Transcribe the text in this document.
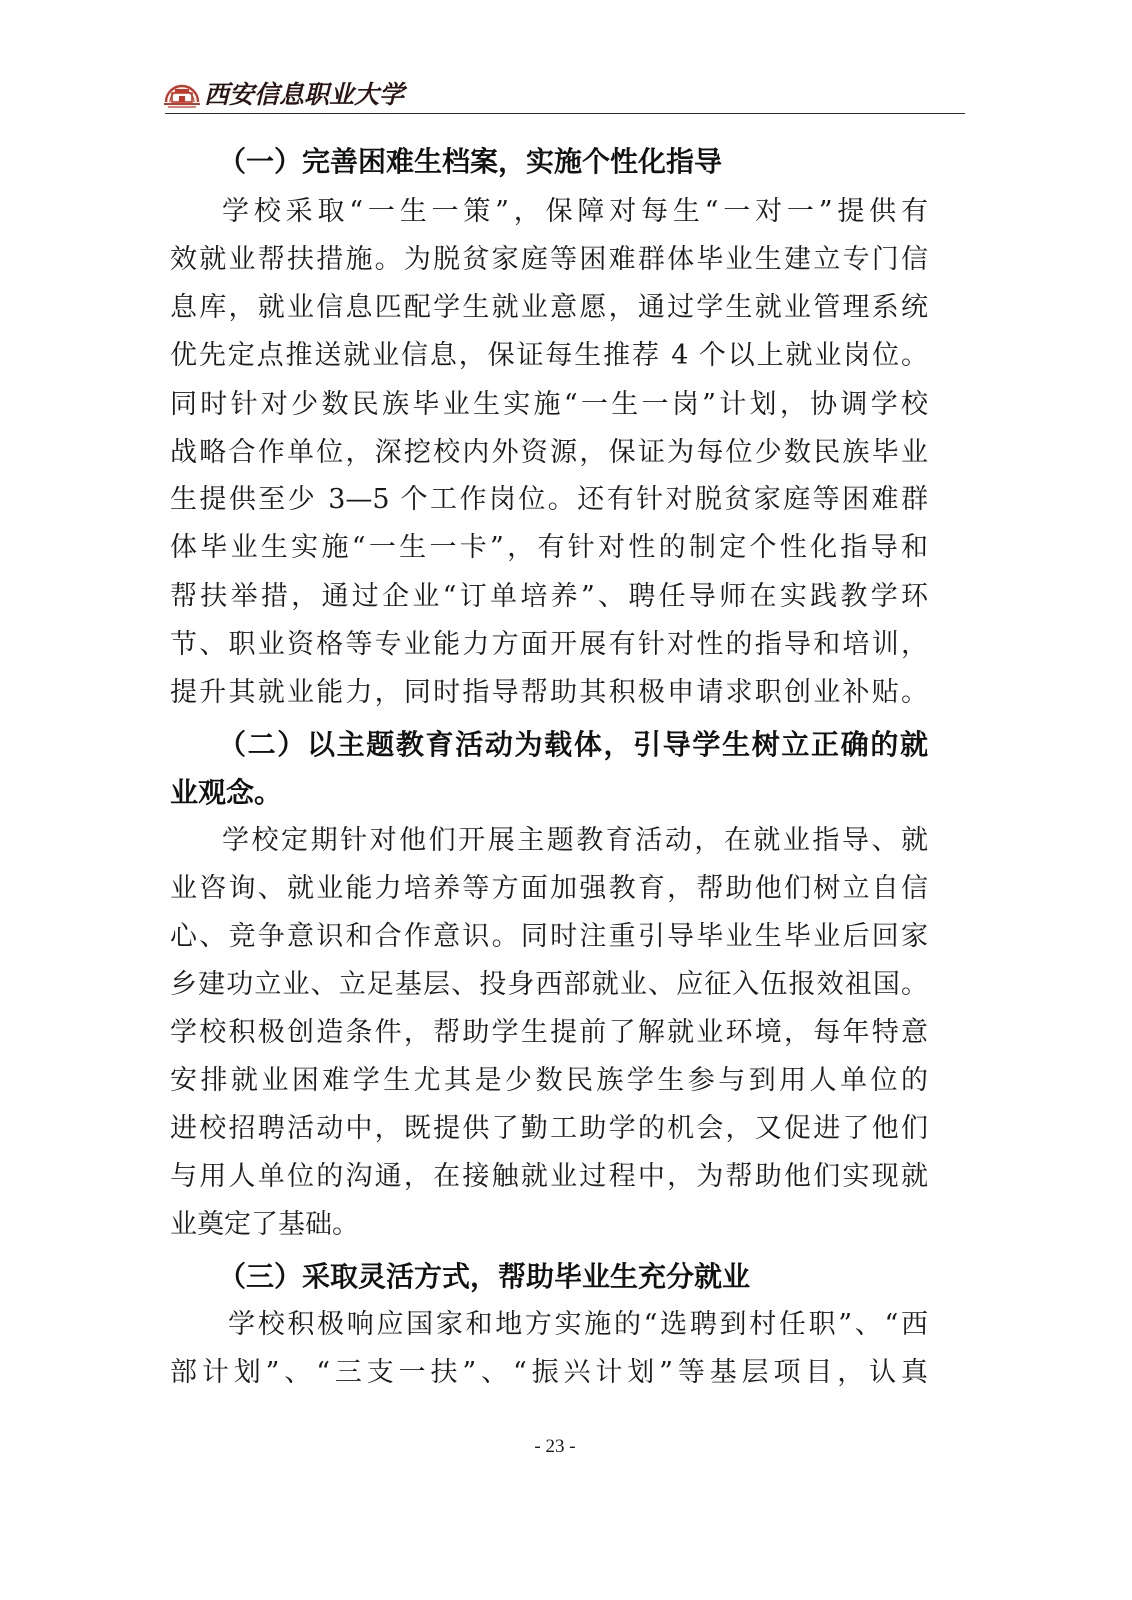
西安信息职业大学
（一）完善困难生档案，实施个性化指导
学校采取“一生一策”，保障对每生“一对一”提供有
效就业帮扶措施。为脱贫家庭等困难群体毕业生建立专门信
息库，就业信息匹配学生就业意愿，通过学生就业管理系统
优先定点推送就业信息，保证每生推荐 4 个以上就业岗位。
同时针对少数民族毕业生实施“一生一岗”计划，协调学校
战略合作单位，深挖校内外资源，保证为每位少数民族毕业
生提供至少 3—5 个工作岗位。还有针对脱贫家庭等困难群
体毕业生实施“一生一卡”，有针对性的制定个性化指导和
帮扶举措，通过企业“订单培养”、聘任导师在实践教学环
节、职业资格等专业能力方面开展有针对性的指导和培训，
提升其就业能力，同时指导帮助其积极申请求职创业补贴。
（二）以主题教育活动为载体，引导学生树立正确的就
业观念。
学校定期针对他们开展主题教育活动，在就业指导、就
业咨询、就业能力培养等方面加强教育，帮助他们树立自信
心、竞争意识和合作意识。同时注重引导毕业生毕业后回家
乡建功立业、立足基层、投身西部就业、应征入伍报效祖国。
学校积极创造条件，帮助学生提前了解就业环境，每年特意
安排就业困难学生尤其是少数民族学生参与到用人单位的
进校招聘活动中，既提供了勤工助学的机会，又促进了他们
与用人单位的沟通，在接触就业过程中，为帮助他们实现就
业奠定了基础。
（三）采取灵活方式，帮助毕业生充分就业
学校积极响应国家和地方实施的“选聘到村任职”、“西
部计划”、“三支一扶”、“振兴计划”等基层项目，认真
- 23 -
